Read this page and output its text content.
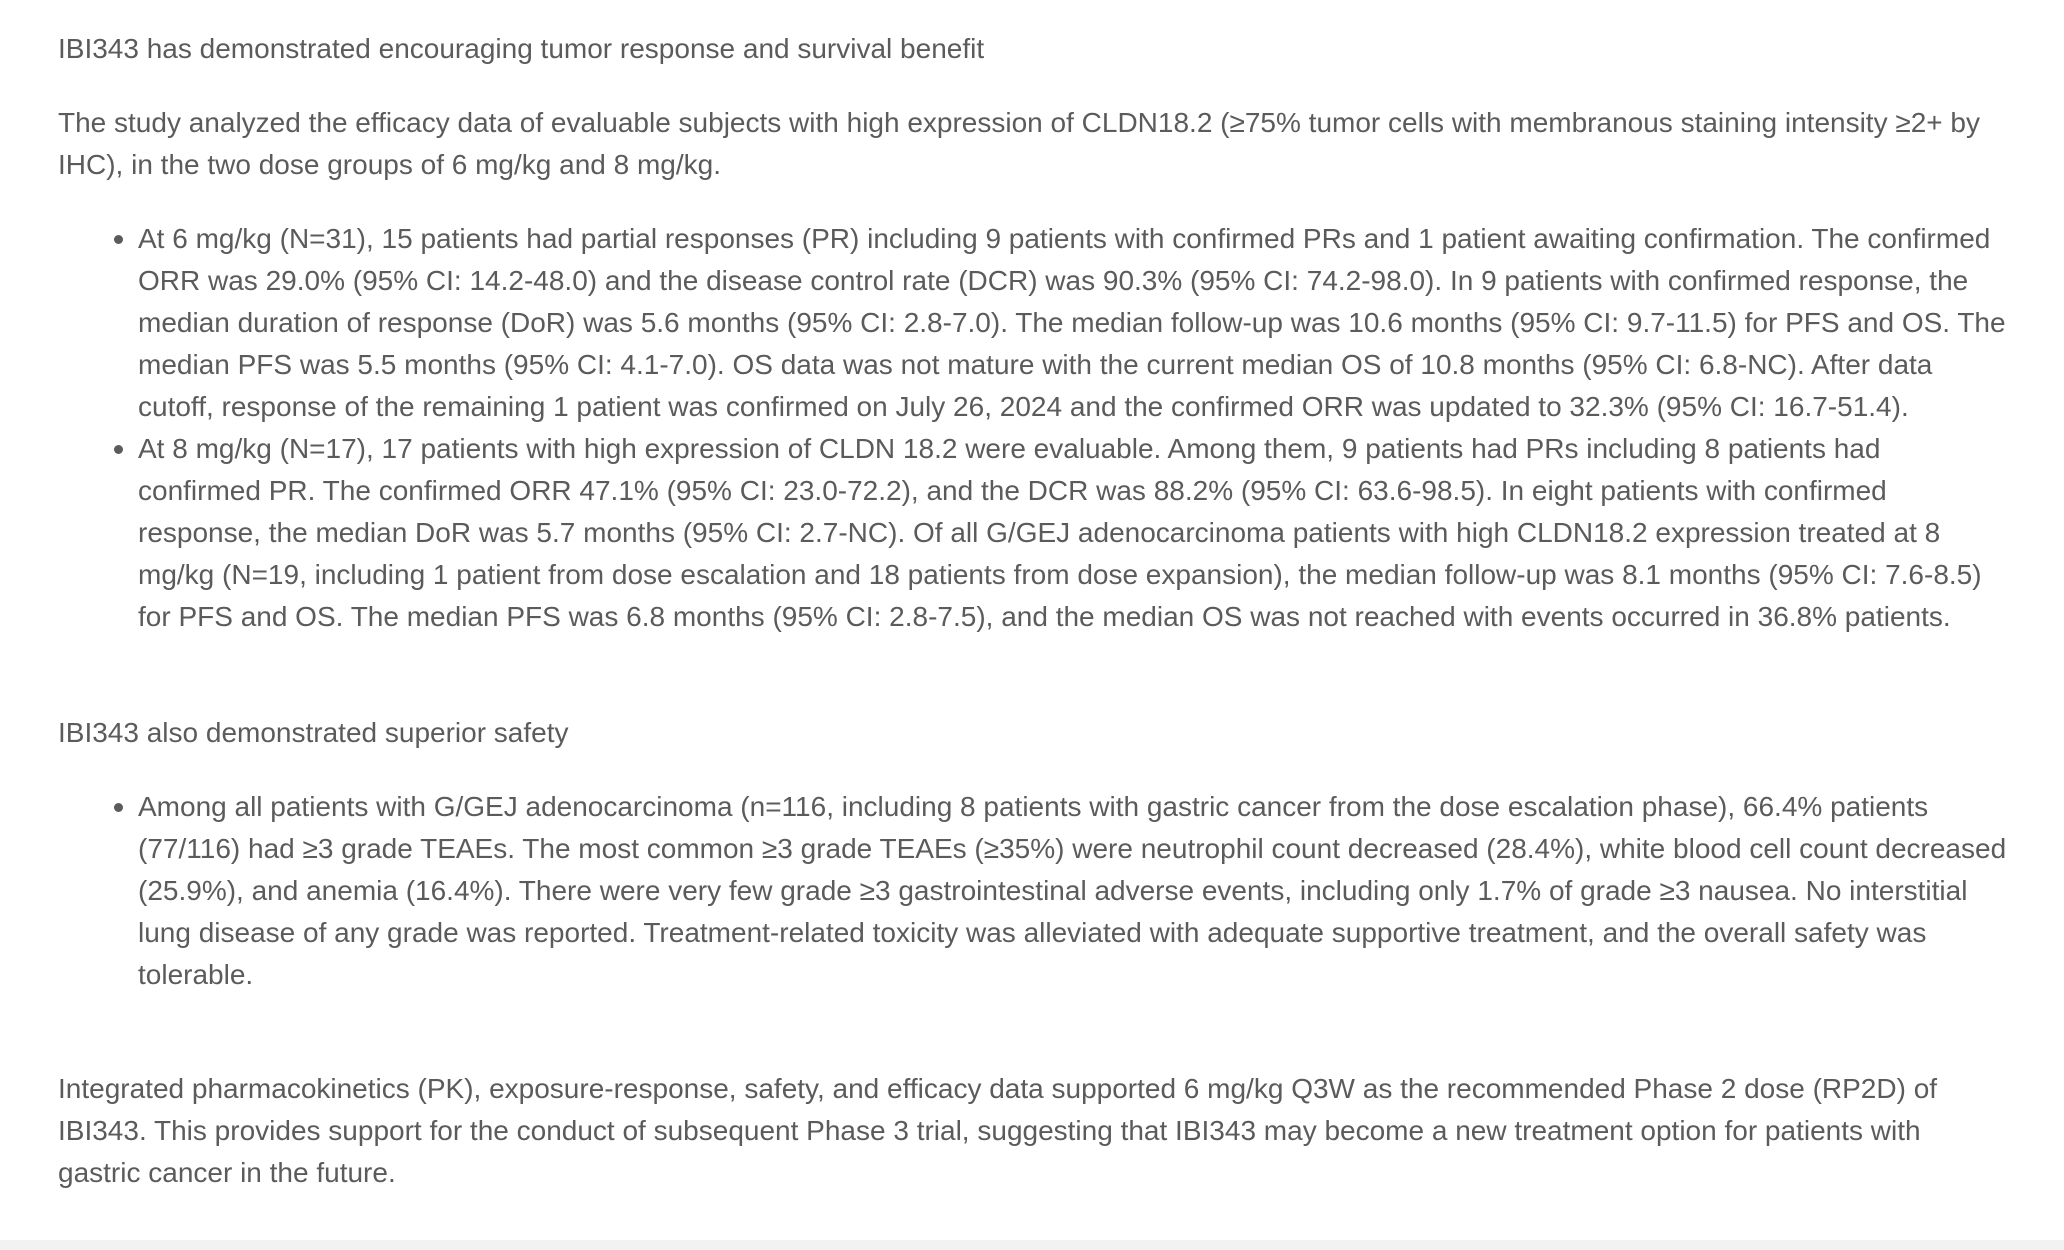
IBI343 has demonstrated encouraging tumor response and survival benefit

The study analyzed the efficacy data of evaluable subjects with high expression of CLDN18.2 (≥75% tumor cells with membranous staining intensity ≥2+ by IHC), in the two dose groups of 6 mg/kg and 8 mg/kg.

At 6 mg/kg (N=31), 15 patients had partial responses (PR) including 9 patients with confirmed PRs and 1 patient awaiting confirmation. The confirmed ORR was 29.0% (95% CI: 14.2-48.0) and the disease control rate (DCR) was 90.3% (95% CI: 74.2-98.0). In 9 patients with confirmed response, the median duration of response (DoR) was 5.6 months (95% CI: 2.8-7.0). The median follow-up was 10.6 months (95% CI: 9.7-11.5) for PFS and OS. The median PFS was 5.5 months (95% CI: 4.1-7.0). OS data was not mature with the current median OS of 10.8 months (95% CI: 6.8-NC). After data cutoff, response of the remaining 1 patient was confirmed on July 26, 2024 and the confirmed ORR was updated to 32.3% (95% CI: 16.7-51.4).
At 8 mg/kg (N=17), 17 patients with high expression of CLDN 18.2 were evaluable. Among them, 9 patients had PRs including 8 patients had confirmed PR. The confirmed ORR 47.1% (95% CI: 23.0-72.2), and the DCR was 88.2% (95% CI: 63.6-98.5). In eight patients with confirmed response, the median DoR was 5.7 months (95% CI: 2.7-NC). Of all G/GEJ adenocarcinoma patients with high CLDN18.2 expression treated at 8 mg/kg (N=19, including 1 patient from dose escalation and 18 patients from dose expansion), the median follow-up was 8.1 months (95% CI: 7.6-8.5) for PFS and OS. The median PFS was 6.8 months (95% CI: 2.8-7.5), and the median OS was not reached with events occurred in 36.8% patients.
IBI343 also demonstrated superior safety
Among all patients with G/GEJ adenocarcinoma (n=116, including 8 patients with gastric cancer from the dose escalation phase), 66.4% patients (77/116) had ≥3 grade TEAEs. The most common ≥3 grade TEAEs (≥35%) were neutrophil count decreased (28.4%), white blood cell count decreased (25.9%), and anemia (16.4%). There were very few grade ≥3 gastrointestinal adverse events, including only 1.7% of grade ≥3 nausea. No interstitial lung disease of any grade was reported. Treatment-related toxicity was alleviated with adequate supportive treatment, and the overall safety was tolerable.

Integrated pharmacokinetics (PK), exposure-response, safety, and efficacy data supported 6 mg/kg Q3W as the recommended Phase 2 dose (RP2D) of IBI343. This provides support for the conduct of subsequent Phase 3 trial, suggesting that IBI343 may become a new treatment option for patients with gastric cancer in the future.
